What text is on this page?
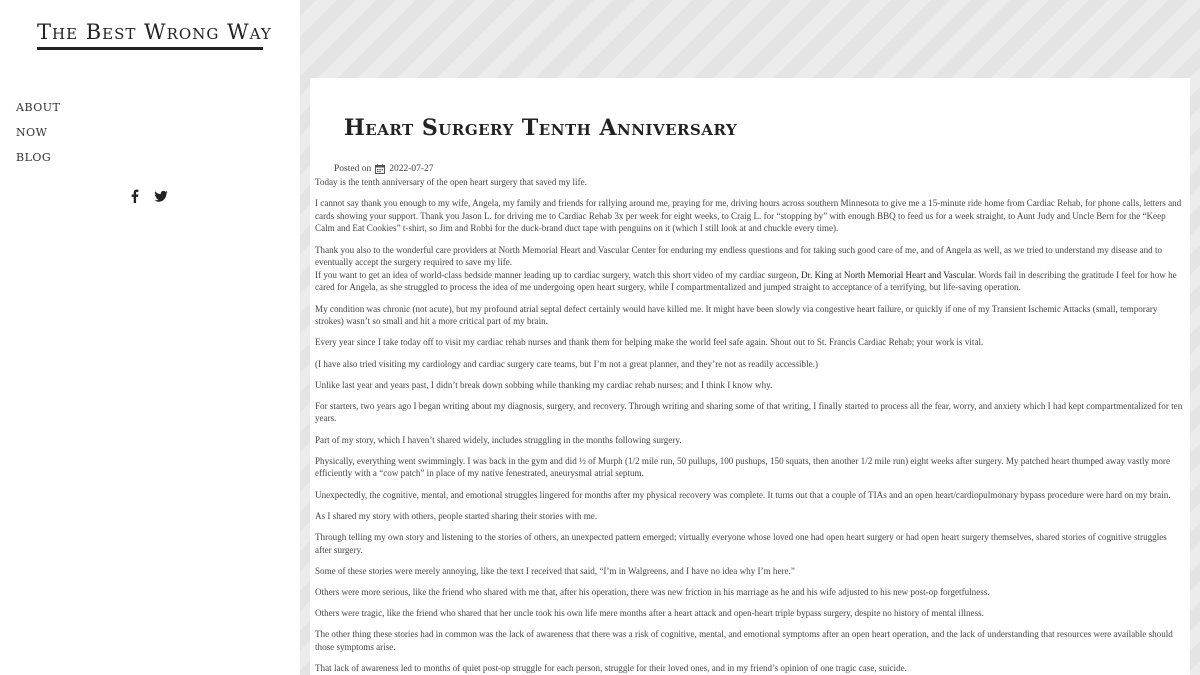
The Best Wrong Way
ABOUT
NOW
BLOG
Heart Surgery Tenth Anniversary
Posted on 2022-07-27

Today is the tenth anniversary of the open heart surgery that saved my life.

I cannot say thank you enough to my wife, Angela, my family and friends for rallying around me, praying for me, driving hours across southern Minnesota to give me a 15-minute ride home from Cardiac Rehab, for phone calls, letters and cards showing your support. Thank you Jason L. for driving me to Cardiac Rehab 3x per week for eight weeks, to Craig L. for “stopping by” with enough BBQ to feed us for a week straight, to Aunt Judy and Uncle Bern for the “Keep Calm and Eat Cookies” t-shirt, so Jim and Robbi for the duck-brand duct tape with penguins on it (which I still look at and chuckle every time).

Thank you also to the wonderful care providers at North Memorial Heart and Vascular Center for enduring my endless questions and for taking such good care of me, and of Angela as well, as we tried to understand my disease and to eventually accept the surgery required to save my life.

If you want to get an idea of world-class bedside manner leading up to cardiac surgery, watch this short video of my cardiac surgeon, Dr. King at North Memorial Heart and Vascular. Words fail in describing the gratitude I feel for how he cared for Angela, as she struggled to process the idea of me undergoing open heart surgery, while I compartmentalized and jumped straight to acceptance of a terrifying, but life-saving operation.

My condition was chronic (not acute), but my profound atrial septal defect certainly would have killed me. It might have been slowly via congestive heart failure, or quickly if one of my Transient Ischemic Attacks (small, temporary strokes) wasn’t so small and hit a more critical part of my brain.

Every year since I take today off to visit my cardiac rehab nurses and thank them for helping make the world feel safe again. Shout out to St. Francis Cardiac Rehab; your work is vital.

(I have also tried visiting my cardiology and cardiac surgery care teams, but I’m not a great planner, and they’re not as readily accessible.)

Unlike last year and years past, I didn’t break down sobbing while thanking my cardiac rehab nurses; and I think I know why.

For starters, two years ago I began writing about my diagnosis, surgery, and recovery. Through writing and sharing some of that writing, I finally started to process all the fear, worry, and anxiety which I had kept compartmentalized for ten years.

Part of my story, which I haven’t shared widely, includes struggling in the months following surgery.

Physically, everything went swimmingly. I was back in the gym and did ½ of Murph (1/2 mile run, 50 pullups, 100 pushups, 150 squats, then another 1/2 mile run) eight weeks after surgery. My patched heart thumped away vastly more efficiently with a “cow patch” in place of my native fenestrated, aneurysmal atrial septum.

Unexpectedly, the cognitive, mental, and emotional struggles lingered for months after my physical recovery was complete. It turns out that a couple of TIAs and an open heart/cardiopulmonary bypass procedure were hard on my brain.

As I shared my story with others, people started sharing their stories with me.

Through telling my own story and listening to the stories of others, an unexpected pattern emerged; virtually everyone whose loved one had open heart surgery or had open heart surgery themselves, shared stories of cognitive struggles after surgery.

Some of these stories were merely annoying, like the text I received that said, “I’m in Walgreens, and I have no idea why I’m here.”

Others were more serious, like the friend who shared with me that, after his operation, there was new friction in his marriage as he and his wife adjusted to his new post-op forgetfulness.

Others were tragic, like the friend who shared that her uncle took his own life mere months after a heart attack and open-heart triple bypass surgery, despite no history of mental illness.

The other thing these stories had in common was the lack of awareness that there was a risk of cognitive, mental, and emotional symptoms after an open heart operation, and the lack of understanding that resources were available should those symptoms arise.

That lack of awareness led to months of quiet post-op struggle for each person, struggle for their loved ones, and in my friend’s opinion of one tragic case, suicide.
